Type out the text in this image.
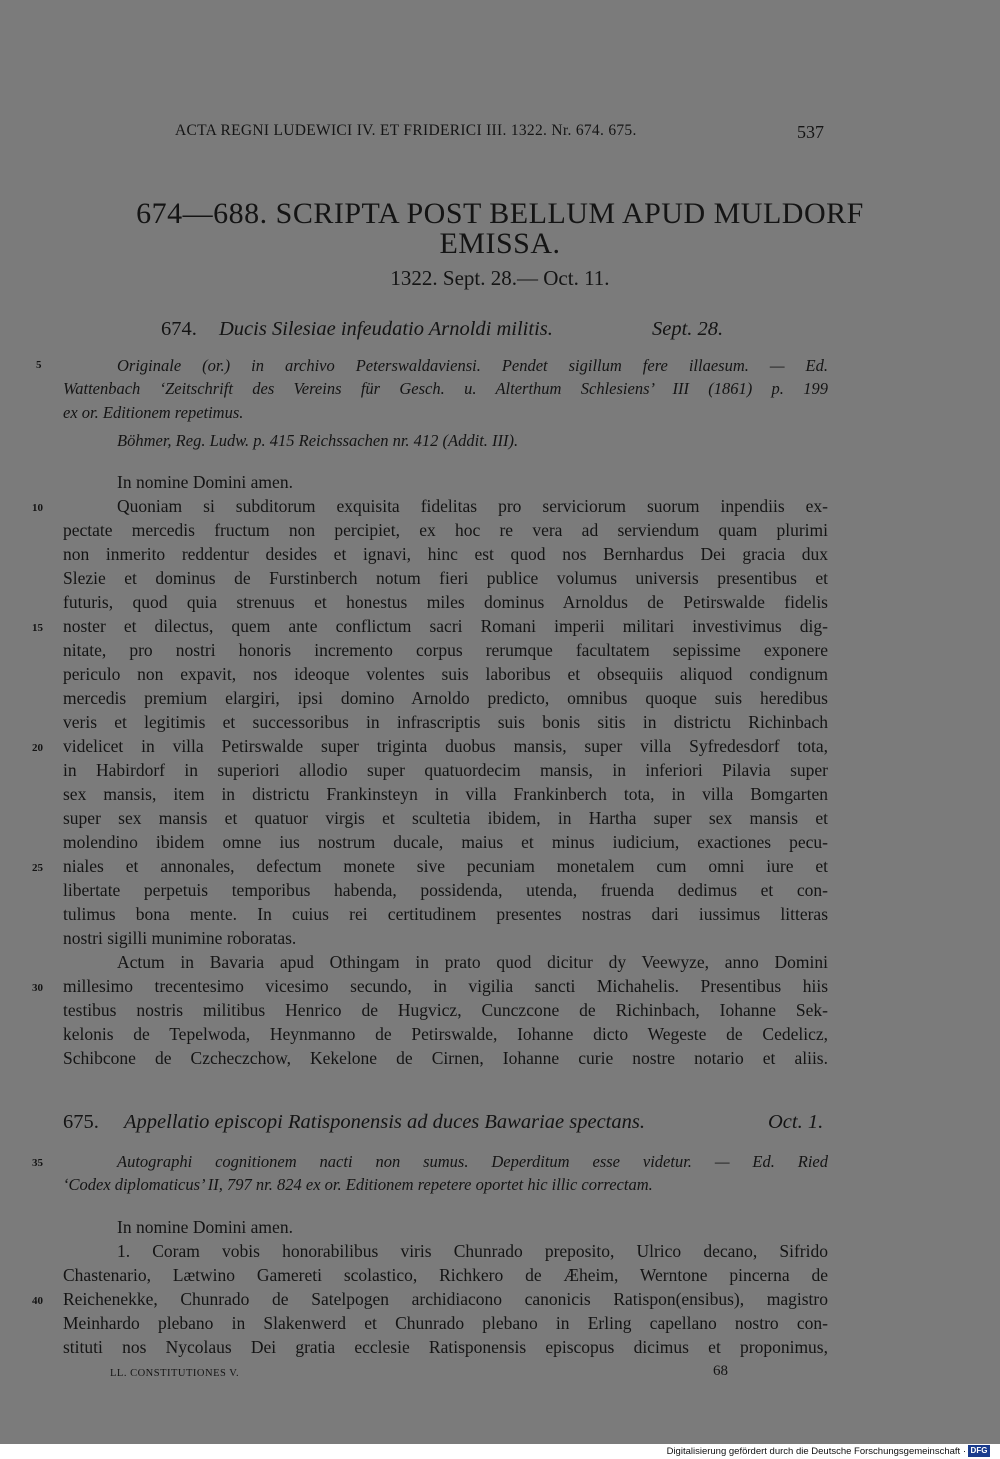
ACTA REGNI LUDEWICI IV. ET FRIDERICI III. 1322. Nr. 674. 675.	537
674—688. SCRIPTA POST BELLUM APUD MULDORF
EMISSA.
1322. Sept. 28.— Oct. 11.
674. Ducis Silesiae infeudatio Arnoldi militis.	Sept. 28.
Originale (or.) in archivo Peterswaldaviensi. Pendet sigillum fere illaesum. — Ed.
Wattenbach ‘Zeitschrift des Vereins für Gesch. u. Alterthum Schlesiens’ III (1861) p. 199
ex or. Editionem repetimus.
Böhmer, Reg. Ludw. p. 415 Reichssachen nr. 412 (Addit. III).
In nomine Domini amen.
Quoniam si subditorum exquisita fidelitas pro serviciorum suorum inpendiis ex-
pectate mercedis fructum non percipiet, ex hoc re vera ad serviendum quam plurimi
non inmerito reddentur desides et ignavi, hinc est quod nos Bernhardus Dei gracia dux
Slezie et dominus de Furstinberch notum fieri publice volumus universis presentibus et
futuris, quod quia strenuus et honestus miles dominus Arnoldus de Petirswalde fidelis
noster et dilectus, quem ante conflictum sacri Romani imperii militari investivimus dig-
nitate, pro nostri honoris incremento corpus rerumque facultatem sepissime exponere
periculo non expavit, nos ideoque volentes suis laboribus et obsequiis aliquod condignum
mercedis premium elargiri, ipsi domino Arnoldo predicto, omnibus quoque suis heredibus
veris et legitimis et successoribus in infrascriptis suis bonis sitis in districtu Richinbach
videlicet in villa Petirswalde super triginta duobus mansis, super villa Syfredesdorf tota,
in Habirdorf in superiori allodio super quatuordecim mansis, in inferiori Pilavia super
sex mansis, item in districtu Frankinsteyn in villa Frankinberch tota, in villa Bomgarten
super sex mansis et quatuor virgis et scultetia ibidem, in Hartha super sex mansis et
molendino ibidem omne ius nostrum ducale, maius et minus iudicium, exactiones pecu-
niales et annonales, defectum monete sive pecuniam monetalem cum omni iure et
libertate perpetuis temporibus habenda, possidenda, utenda, fruenda dedimus et con-
tulimus bona mente. In cuius rei certitudinem presentes nostras dari iussimus litteras
nostri sigilli munimine roboratas.
Actum in Bavaria apud Othingam in prato quod dicitur dy Veewyze, anno Domini
millesimo trecentesimo vicesimo secundo, in vigilia sancti Michahelis. Presentibus hiis
testibus nostris militibus Henrico de Hugvicz, Cunczcone de Richinbach, Iohanne Sek-
kelonis de Tepelwoda, Heynmanno de Petirswalde, Iohanne dicto Wegeste de Cedelicz,
Schibcone de Czcheczchow, Kekelone de Cirnen, Iohanne curie nostre notario et aliis.
675. Appellatio episcopi Ratisponensis ad duces Bawariae spectans.	Oct. 1.
Autographi cognitionem nacti non sumus. Deperditum esse videtur. — Ed. Ried
‘Codex diplomaticus’ II, 797 nr. 824 ex or. Editionem repetere oportet hic illic correctam.
In nomine Domini amen.
1. Coram vobis honorabilibus viris Chunrado preposito, Ulrico decano, Sifrido
Chastenario, Lætwino Gamereti scolastico, Richkero de Æheim, Werntone pincerna de
Reichenekke, Chunrado de Satelpogen archidiacono canonicis Ratispon(ensibus), magistro
Meinhardo plebano in Slakenwerd et Chunrado plebano in Erling capellano nostro con-
stituti nos Nycolaus Dei gratia ecclesie Ratisponensis episcopus dicimus et proponimus,
5
10
15
20
25
30
35
40
LL. CONSTITUTIONES V.	68
Digitalisierung gefördert durch die Deutsche Forschungsgemeinschaft · DFG
